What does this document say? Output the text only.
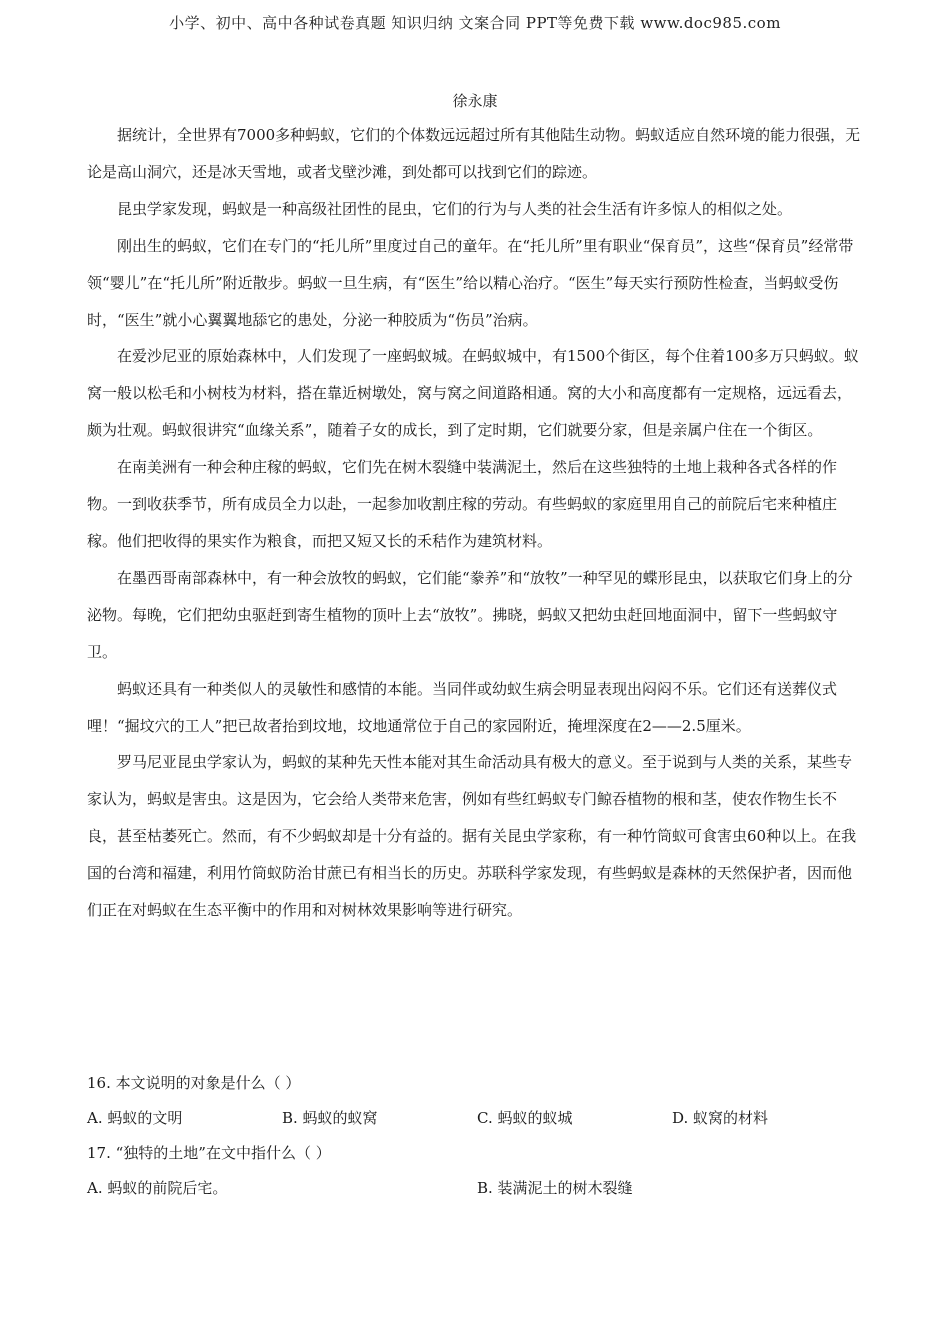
小学、初中、高中各种试卷真题 知识归纳 文案合同 PPT等免费下载 www.doc985.com
徐永康

据统计，全世界有7000多种蚂蚁，它们的个体数远远超过所有其他陆生动物。蚂蚁适应自然环境的能力很强，无论是高山洞穴，还是冰天雪地，或者戈壁沙滩，到处都可以找到它们的踪迹。

昆虫学家发现，蚂蚁是一种高级社团性的昆虫，它们的行为与人类的社会生活有许多惊人的相似之处。

刚出生的蚂蚁，它们在专门的“托儿所”里度过自己的童年。在“托儿所”里有职业“保育员”，这些“保育员”经常带领“婴儿”在“托儿所”附近散步。蚂蚁一旦生病，有“医生”给以精心治疗。“医生”每天实行预防性检查，当蚂蚁受伤时，“医生”就小心翼翼地舔它的患处，分泌一种胶质为“伤员”治病。

在爱沙尼亚的原始森林中，人们发现了一座蚂蚁城。在蚂蚁城中，有1500个街区，每个住着100多万只蚂蚁。蚁窝一般以松毛和小树枝为材料，搭在靠近树墩处，窝与窝之间道路相通。窝的大小和高度都有一定规格，远远看去，颇为壮观。蚂蚁很讲究“血缘关系”，随着子女的成长，到了定时期，它们就要分家，但是亲属户住在一个街区。

在南美洲有一种会种庄稼的蚂蚁，它们先在树木裂缝中装满泥土，然后在这些独特的土地上栽种各式各样的作物。一到收获季节，所有成员全力以赴，一起参加收割庄稼的劳动。有些蚂蚁的家庭里用自己的前院后宅来种植庄稼。他们把收得的果实作为粮食，而把又短又长的禾秸作为建筑材料。

在墨西哥南部森林中，有一种会放牧的蚂蚁，它们能“豢养”和“放牧”一种罕见的蝶形昆虫，以获取它们身上的分泌物。每晚，它们把幼虫驱赶到寄生植物的顶叶上去“放牧”。拂晓，蚂蚁又把幼虫赶回地面洞中，留下一些蚂蚁守卫。

蚂蚁还具有一种类似人的灵敏性和感情的本能。当同伴或幼蚁生病会明显表现出闷闷不乐。它们还有送葬仪式哩！“掘坟穴的工人”把已故者抬到坟地，坟地通常位于自己的家园附近，掩埋深度在2——2.5厘米。

罗马尼亚昆虫学家认为，蚂蚁的某种先天性本能对其生命活动具有极大的意义。至于说到与人类的关系，某些专家认为，蚂蚁是害虫。这是因为，它会给人类带来危害，例如有些红蚂蚁专门鲸吞植物的根和茎，使农作物生长不良，甚至枯萎死亡。然而，有不少蚂蚁却是十分有益的。据有关昆虫学家称，有一种竹筒蚁可食害虫60种以上。在我国的台湾和福建，利用竹筒蚁防治甘蔗已有相当长的历史。苏联科学家发现，有些蚂蚁是森林的天然保护者，因而他们正在对蚂蚁在生态平衡中的作用和对树林效果影响等进行研究。

16. 本文说明的对象是什么（ ）
A. 蚂蚁的文明	B. 蚂蚁的蚁窝	C. 蚂蚁的蚁城	D. 蚁窝的材料
17. “独特的土地”在文中指什么（ ）
A. 蚂蚁的前院后宅。	B. 装满泥土的树木裂缝
